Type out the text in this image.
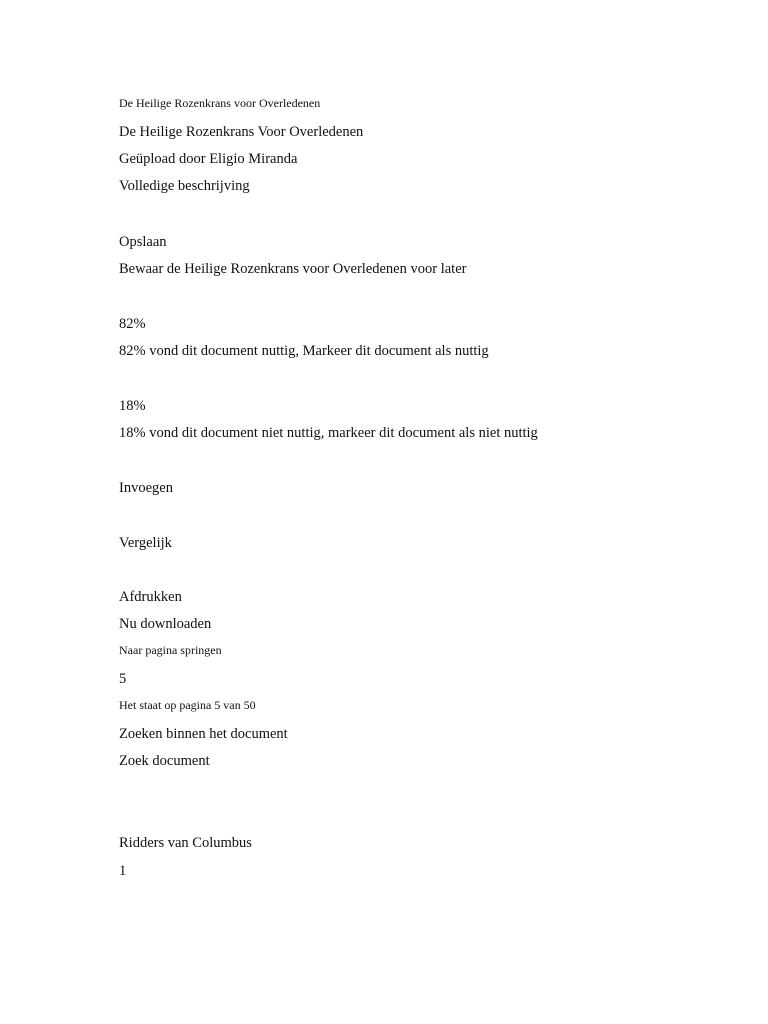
De Heilige Rozenkrans voor Overledenen
De Heilige Rozenkrans Voor Overledenen
Geüpload door Eligio Miranda
Volledige beschrijving
Opslaan
Bewaar de Heilige Rozenkrans voor Overledenen voor later
82%
82% vond dit document nuttig, Markeer dit document als nuttig
18%
18% vond dit document niet nuttig, markeer dit document als niet nuttig
Invoegen
Vergelijk
Afdrukken
Nu downloaden
Naar pagina springen
5
Het staat op pagina 5 van 50
Zoeken binnen het document
Zoek document
Ridders van Columbus
1
